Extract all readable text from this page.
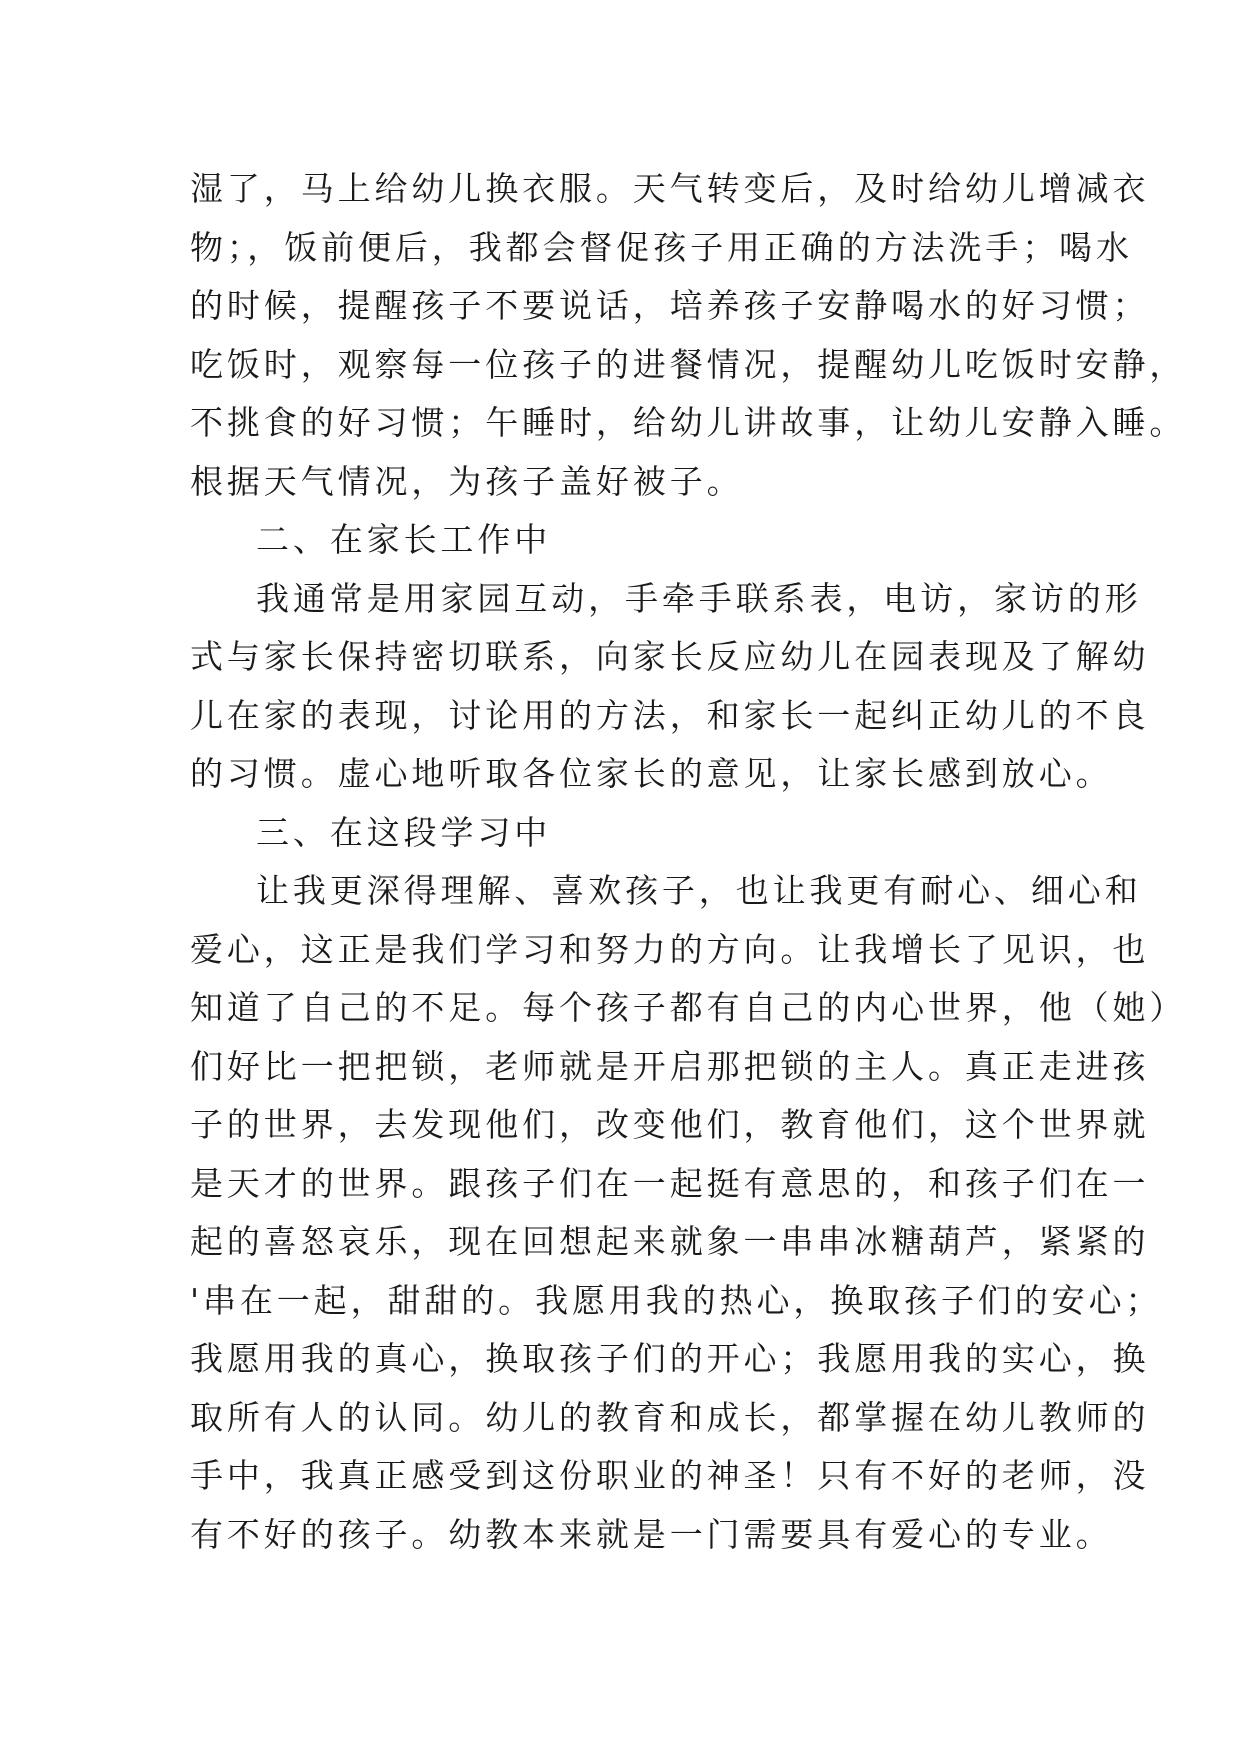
湿了，马上给幼儿换衣服。天气转变后，及时给幼儿增减衣
物；，饭前便后，我都会督促孩子用正确的方法洗手；喝水
的时候，提醒孩子不要说话，培养孩子安静喝水的好习惯；
吃饭时，观察每一位孩子的进餐情况，提醒幼儿吃饭时安静，
不挑食的好习惯；午睡时，给幼儿讲故事，让幼儿安静入睡。
根据天气情况，为孩子盖好被子。
二、在家长工作中
我通常是用家园互动，手牵手联系表，电访，家访的形
式与家长保持密切联系，向家长反应幼儿在园表现及了解幼
儿在家的表现，讨论用的方法，和家长一起纠正幼儿的不良
的习惯。虚心地听取各位家长的意见，让家长感到放心。
三、在这段学习中
让我更深得理解、喜欢孩子，也让我更有耐心、细心和
爱心，这正是我们学习和努力的方向。让我增长了见识，也
知道了自己的不足。每个孩子都有自己的内心世界，他（她）
们好比一把把锁，老师就是开启那把锁的主人。真正走进孩
子的世界，去发现他们，改变他们，教育他们，这个世界就
是天才的世界。跟孩子们在一起挺有意思的，和孩子们在一
起的喜怒哀乐，现在回想起来就象一串串冰糖葫芦，紧紧的
'串在一起，甜甜的。我愿用我的热心，换取孩子们的安心；
我愿用我的真心，换取孩子们的开心；我愿用我的实心，换
取所有人的认同。幼儿的教育和成长，都掌握在幼儿教师的
手中，我真正感受到这份职业的神圣！只有不好的老师，没
有不好的孩子。幼教本来就是一门需要具有爱心的专业。
